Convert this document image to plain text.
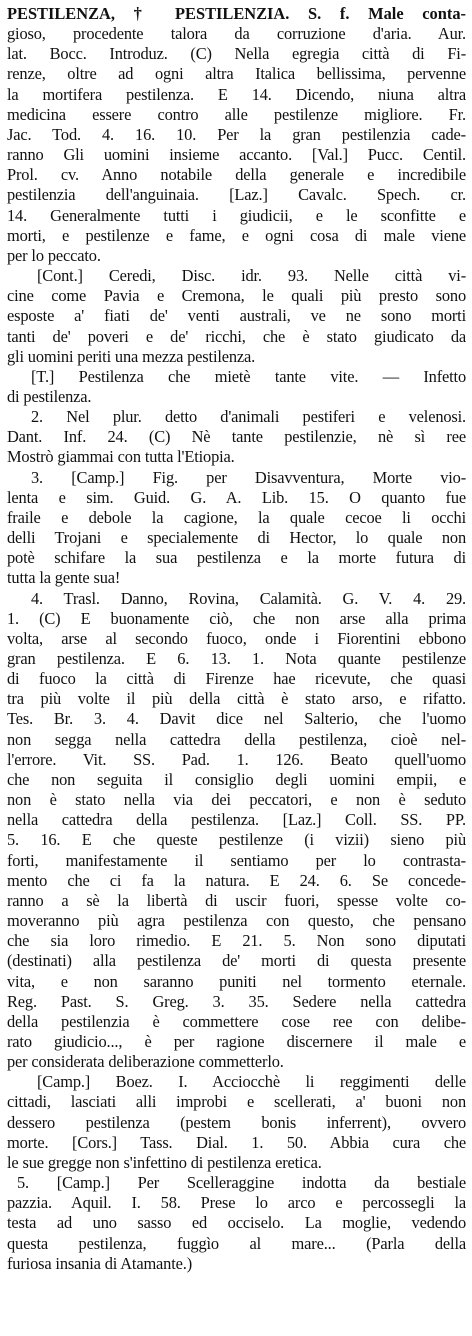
PESTILENZA, † PESTILENZIA. S. f. Male conta-
gioso, procedente talora da corruzione d'aria. Aur.
lat. Bocc. Introduz. (C) Nella egregia città di Fi-
renze, oltre ad ogni altra Italica bellissima, pervenne
la mortifera pestilenza. E 14. Dicendo, niuna altra
medicina essere contro alle pestilenze migliore. Fr.
Jac. Tod. 4. 16. 10. Per la gran pestilenzia cade-
ranno Gli uomini insieme accanto. [Val.] Pucc. Centil.
Prol. cv. Anno notabile della generale e incredibile
pestilenzia dell'anguinaia. [Laz.] Cavalc. Spech. cr.
14. Generalmente tutti i giudicii, e le sconfitte e
morti, e pestilenze e fame, e ogni cosa di male viene
per lo peccato.
[Cont.] Ceredi, Disc. idr. 93. Nelle città vi-
cine come Pavia e Cremona, le quali più presto sono
esposte a' fiati de' venti australi, ve ne sono morti
tanti de' poveri e de' ricchi, che è stato giudicato da
gli uomini periti una mezza pestilenza.
[T.] Pestilenza che mietè tante vite. — Infetto
di pestilenza.
2. Nel plur. detto d'animali pestiferi e velenosi.
Dant. Inf. 24. (C) Nè tante pestilenzie, nè sì ree
Mostrò giammai con tutta l'Etiopia.
3. [Camp.] Fig. per Disavventura, Morte vio-
lenta e sim. Guid. G. A. Lib. 15. O quanto fue
fraile e debole la cagione, la quale cecoe li occhi
delli Trojani e specialemente di Hector, lo quale non
potè schifare la sua pestilenza e la morte futura di
tutta la gente sua!
4. Trasl. Danno, Rovina, Calamità. G. V. 4. 29.
1. (C) E buonamente ciò, che non arse alla prima
volta, arse al secondo fuoco, onde i Fiorentini ebbono
gran pestilenza. E 6. 13. 1. Nota quante pestilenze
di fuoco la città di Firenze hae ricevute, che quasi
tra più volte il più della città è stato arso, e rifatto.
Tes. Br. 3. 4. Davit dice nel Salterio, che l'uomo
non segga nella cattedra della pestilenza, cioè nel-
l'errore. Vit. SS. Pad. 1. 126. Beato quell'uomo
che non seguita il consiglio degli uomini empii, e
non è stato nella via dei peccatori, e non è seduto
nella cattedra della pestilenza. [Laz.] Coll. SS. PP.
5. 16. E che queste pestilenze (i vizii) sieno più
forti, manifestamente il sentiamo per lo contrasta-
mento che ci fa la natura. E 24. 6. Se concede-
ranno a sè la libertà di uscir fuori, spesse volte co-
moveranno più agra pestilenza con questo, che pensano
che sia loro rimedio. E 21. 5. Non sono diputati
(destinati) alla pestilenza de' morti di questa presente
vita, e non saranno puniti nel tormento eternale.
Reg. Past. S. Greg. 3. 35. Sedere nella cattedra
della pestilenzia è commettere cose ree con delibe-
rato giudicio..., è per ragione discernere il male e
per considerata deliberazione commetterlo.
[Camp.] Boez. I. Acciocchè li reggimenti delle
cittadi, lasciati alli improbi e scellerati, a' buoni non
dessero pestilenza (pestem bonis inferrent), ovvero
morte. [Cors.] Tass. Dial. 1. 50. Abbia cura che
le sue gregge non s'infettino di pestilenza eretica.
5. [Camp.] Per Scelleraggine indotta da bestiale
pazzia. Aquil. I. 58. Prese lo arco e percossegli la
testa ad uno sasso ed occiselo. La moglie, vedendo
questa pestilenza, fuggìo al mare... (Parla della
furiosa insania di Atamante.)
